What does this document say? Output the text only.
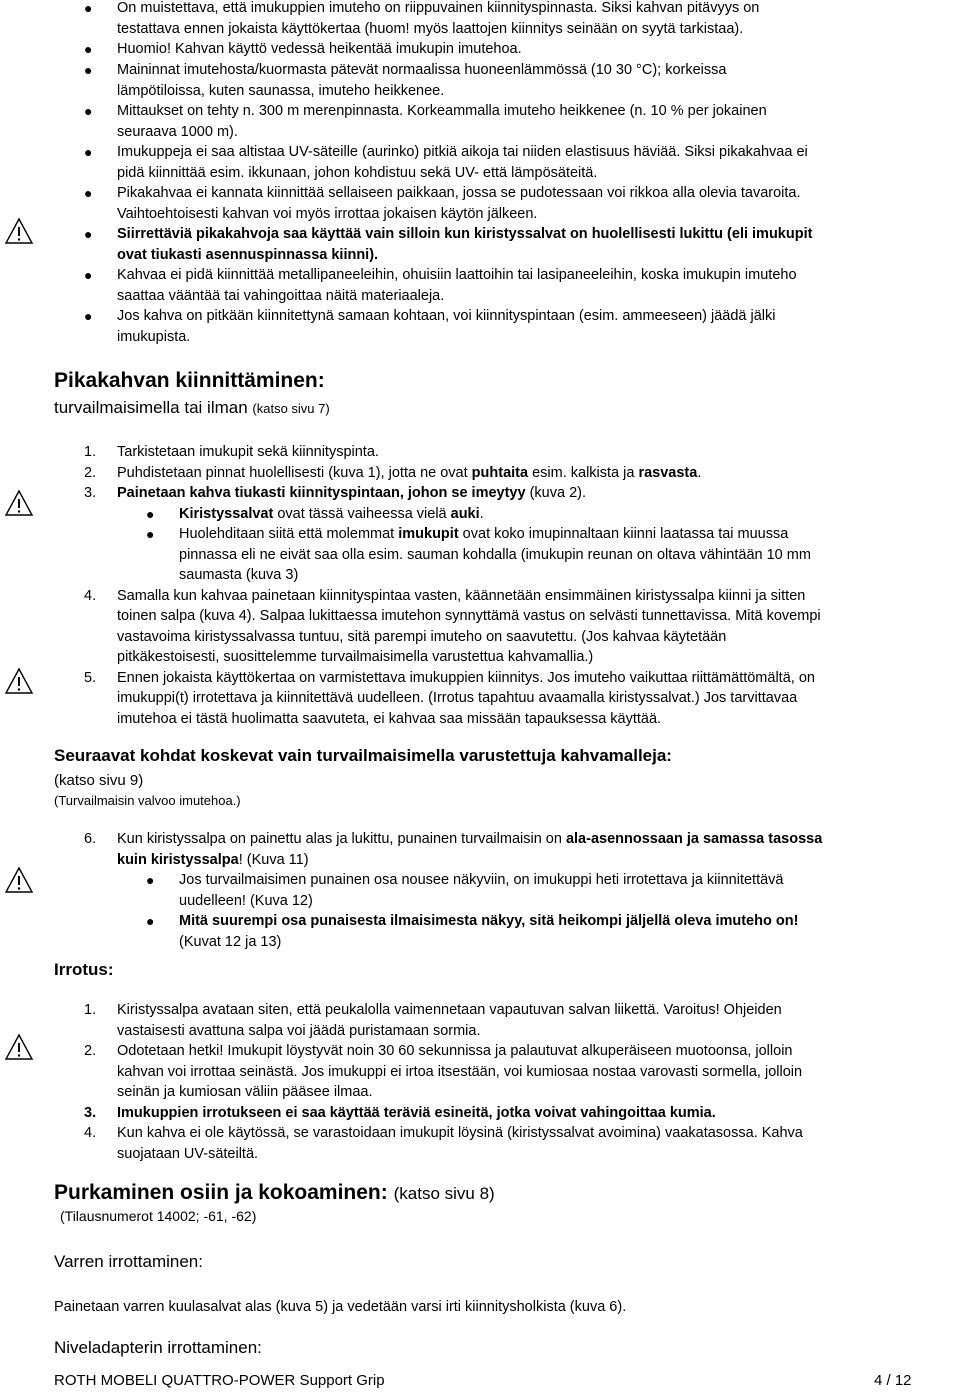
● On muistettava, että imukuppien imuteho on riippuvainen kiinnityspinnasta. Siksi kahvan pitävyys on
testattava ennen jokaista käyttökertaa (huom! myös laattojen kiinnitys seinään on syytä tarkistaa).
● Huomio! Kahvan käyttö vedessä heikentää imukupin imutehoa.
● Maininnat imutehosta/kuormasta pätevät normaalissa huoneenlämmössä (10 30 °C); korkeissa
lämpötiloissa, kuten saunassa, imuteho heikkenee.
● Mittaukset on tehty n. 300 m merenpinnasta. Korkeammalla imuteho heikkenee (n. 10 % per jokainen
seuraava 1000 m).
● Imukuppeja ei saa altistaa UV-säteille (aurinko) pitkiä aikoja tai niiden elastisuus häviää. Siksi pikakahvaa ei
pidä kiinnittää esim. ikkunaan, johon kohdistuu sekä UV- että lämpösäteitä.
● Pikakahvaa ei kannata kiinnittää sellaiseen paikkaan, jossa se pudotessaan voi rikkoa alla olevia tavaroita.
Vaihtoehtoisesti kahvan voi myös irrottaa jokaisen käytön jälkeen.
● Siirrettäviä pikakahvoja saa käyttää vain silloin kun kiristyssalvat on huolellisesti lukittu (eli imukupit
ovat tiukasti asennuspinnassa kiinni).
● Kahvaa ei pidä kiinnittää metallipaneeleihin, ohuisiin laattoihin tai lasipaneeleihin, koska imukupin imuteho
saattaa vääntää tai vahingoittaa näitä materiaaleja.
● Jos kahva on pitkään kiinnitettynä samaan kohtaan, voi kiinnityspintaan (esim. ammeeseen) jäädä jälki
imukupista.
Pikakahvan kiinnittäminen:
turvailmaisimella tai ilman (katso sivu 7)
1. Tarkistetaan imukupit sekä kiinnityspinta.
2. Puhdistetaan pinnat huolellisesti (kuva 1), jotta ne ovat puhtaita esim. kalkista ja rasvasta.
3. Painetaan kahva tiukasti kiinnityspintaan, johon se imeytyy (kuva 2).
● Kiristyssalvat ovat tässä vaiheessa vielä auki.
● Huolehditaan siitä että molemmat imukupit ovat koko imupinnaltaan kiinni laatassa tai muussa
pinnassa eli ne eivät saa olla esim. sauman kohdalla (imukupin reunan on oltava vähintään 10 mm
saumasta (kuva 3)
4. Samalla kun kahvaa painetaan kiinnityspintaa vasten, käännetään ensimmäinen kiristyssalpa kiinni ja sitten
toinen salpa (kuva 4). Salpaa lukittaessa imutehon synnyttämä vastus on selvästi tunnettavissa. Mitä kovempi
vastavoima kiristyssalvassa tuntuu, sitä parempi imuteho on saavutettu. (Jos kahvaa käytetään
pitkäkestoisesti, suosittelemme turvailmaisimella varustettua kahvamallia.)
5. Ennen jokaista käyttökertaa on varmistettava imukuppien kiinnitys. Jos imuteho vaikuttaa riittämättömältä, on
imukuppi(t) irrotettava ja kiinnitettävä uudelleen. (Irrotus tapahtuu avaamalla kiristyssalvat.) Jos tarvittavaa
imutehoa ei tästä huolimatta saavuteta, ei kahvaa saa missään tapauksessa käyttää.
Seuraavat kohdat koskevat vain turvailmaisimella varustettuja kahvamalleja:
(katso sivu 9)
(Turvailmaisin valvoo imutehoa.)
6. Kun kiristyssalpa on painettu alas ja lukittu, punainen turvailmaisin on ala-asennossaan ja samassa tasossa
kuin kiristyssalpa! (Kuva 11)
● Jos turvailmaisimen punainen osa nousee näkyviin, on imukuppi heti irrotettava ja kiinnitettävä
uudelleen! (Kuva 12)
● Mitä suurempi osa punaisesta ilmaisimesta näkyy, sitä heikompi jäljellä oleva imuteho on!
(Kuvat 12 ja 13)
Irrotus:
1. Kiristyssalpa avataan siten, että peukalolla vaimennetaan vapautuvan salvan liikettä. Varoitus! Ohjeiden
vastaisesti avattuna salpa voi jäädä puristamaan sormia.
2. Odotetaan hetki! Imukupit löystyvät noin 30 60 sekunnissa ja palautuvat alkuperäiseen muotoonsa, jolloin
kahvan voi irrottaa seinästä. Jos imukuppi ei irtoa itsestään, voi kumiosaa nostaa varovasti sormella, jolloin
seinän ja kumiosan väliin pääsee ilmaa.
3. Imukuppien irrotukseen ei saa käyttää teräviä esineitä, jotka voivat vahingoittaa kumia.
4. Kun kahva ei ole käytössä, se varastoidaan imukupit löysinä (kiristyssalvat avoimina) vaakatasossa. Kahva
suojataan UV-säteiltä.
Purkaminen osiin ja kokoaminen: (katso sivu 8)
(Tilausnumerot 14002; -61, -62)
Varren irrottaminen:
Painetaan varren kuulasalvat alas (kuva 5) ja vedetään varsi irti kiinnitysholkista (kuva 6).
Niveladapterin irrottaminen:
ROTH MOBELI QUATTRO-POWER Support Grip	4 / 12
